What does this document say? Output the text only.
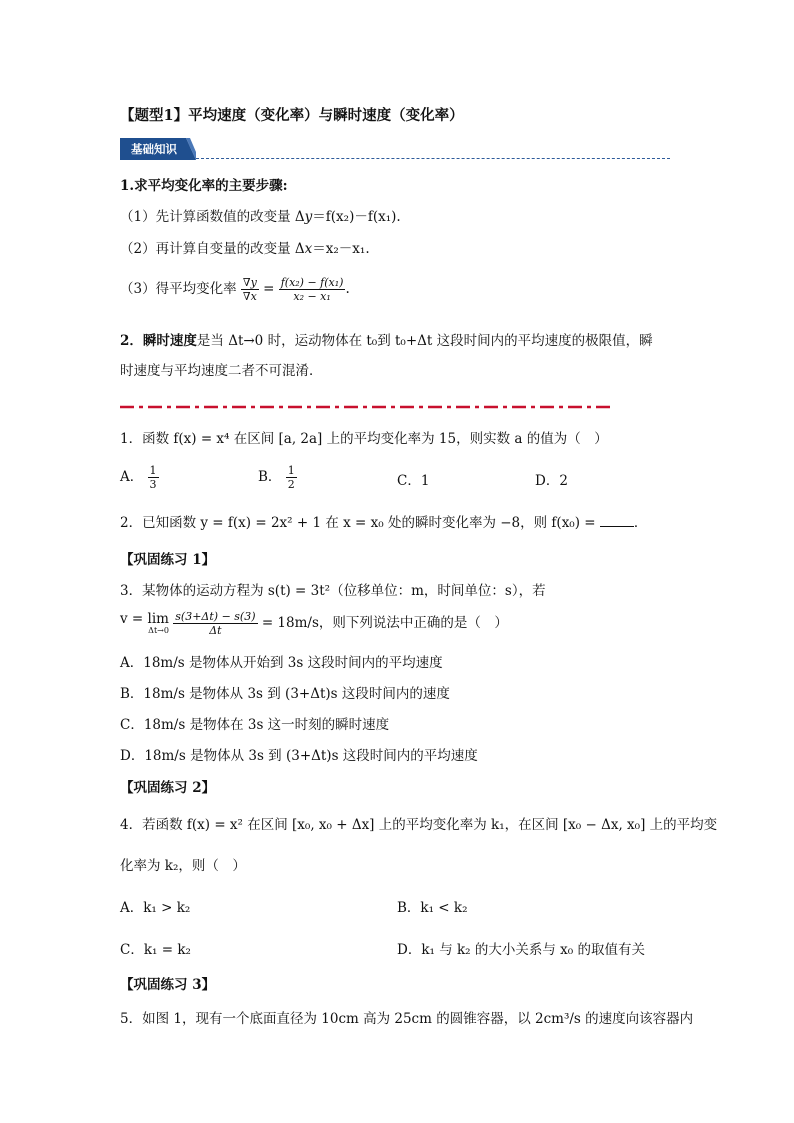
【题型1】平均速度（变化率）与瞬时速度（变化率）
基础知识
1.求平均变化率的主要步骤:
（1）先计算函数值的改变量 Δy＝f(x₂)－f(x₁).
（2）再计算自变量的改变量 Δx＝x₂－x₁.
（3）得平均变化率 $\frac{\nabla y}{\nabla x} = \frac{\text{f(x₂) − f(x₁)}}{\text{x₂ − x₁}}$ .
2．瞬时速度是当 Δt→0 时，运动物体在 t₀到 t₀+Δt 这段时间内的平均速度的极限值，瞬
时速度与平均速度二者不可混淆．
1．函数 f(x) = x⁴ 在区间 [a, 2a] 上的平均变化率为 15，则实数 a 的值为（　）
A． $\frac{1}{3}$	B． $\frac{1}{2}$	C．1	D．2
2．已知函数 y = f(x) = 2x² + 1 在 x = x₀ 处的瞬时变化率为 −8，则 f(x₀) =	．
【巩固练习 1】
3．某物体的运动方程为 s(t) = 3t²（位移单位：m，时间单位：s），若
v = lim
Δt→0
$\frac{s(3+\Delta t) - s(3)}{\Delta t} = 18m/s$，则下列说法中正确的是（　）
A．18m/s 是物体从开始到 3s 这段时间内的平均速度
B．18m/s 是物体从 3s 到 (3+Δt)s 这段时间内的速度
C．18m/s 是物体在 3s 这一时刻的瞬时速度
D．18m/s 是物体从 3s 到 (3+Δt)s 这段时间内的平均速度
【巩固练习 2】
4．若函数 f(x) = x² 在区间 [x₀, x₀ + Δx] 上的平均变化率为 k₁，在区间 [x₀ − Δx, x₀] 上的平均变
化率为 k₂，则（　）
A．k₁ > k₂	B．k₁ < k₂
C．k₁ = k₂	D．k₁ 与 k₂ 的大小关系与 x₀ 的取值有关
【巩固练习 3】
5．如图 1，现有一个底面直径为 10cm 高为 25cm 的圆锥容器，以 2cm³/s 的速度向该容器内
